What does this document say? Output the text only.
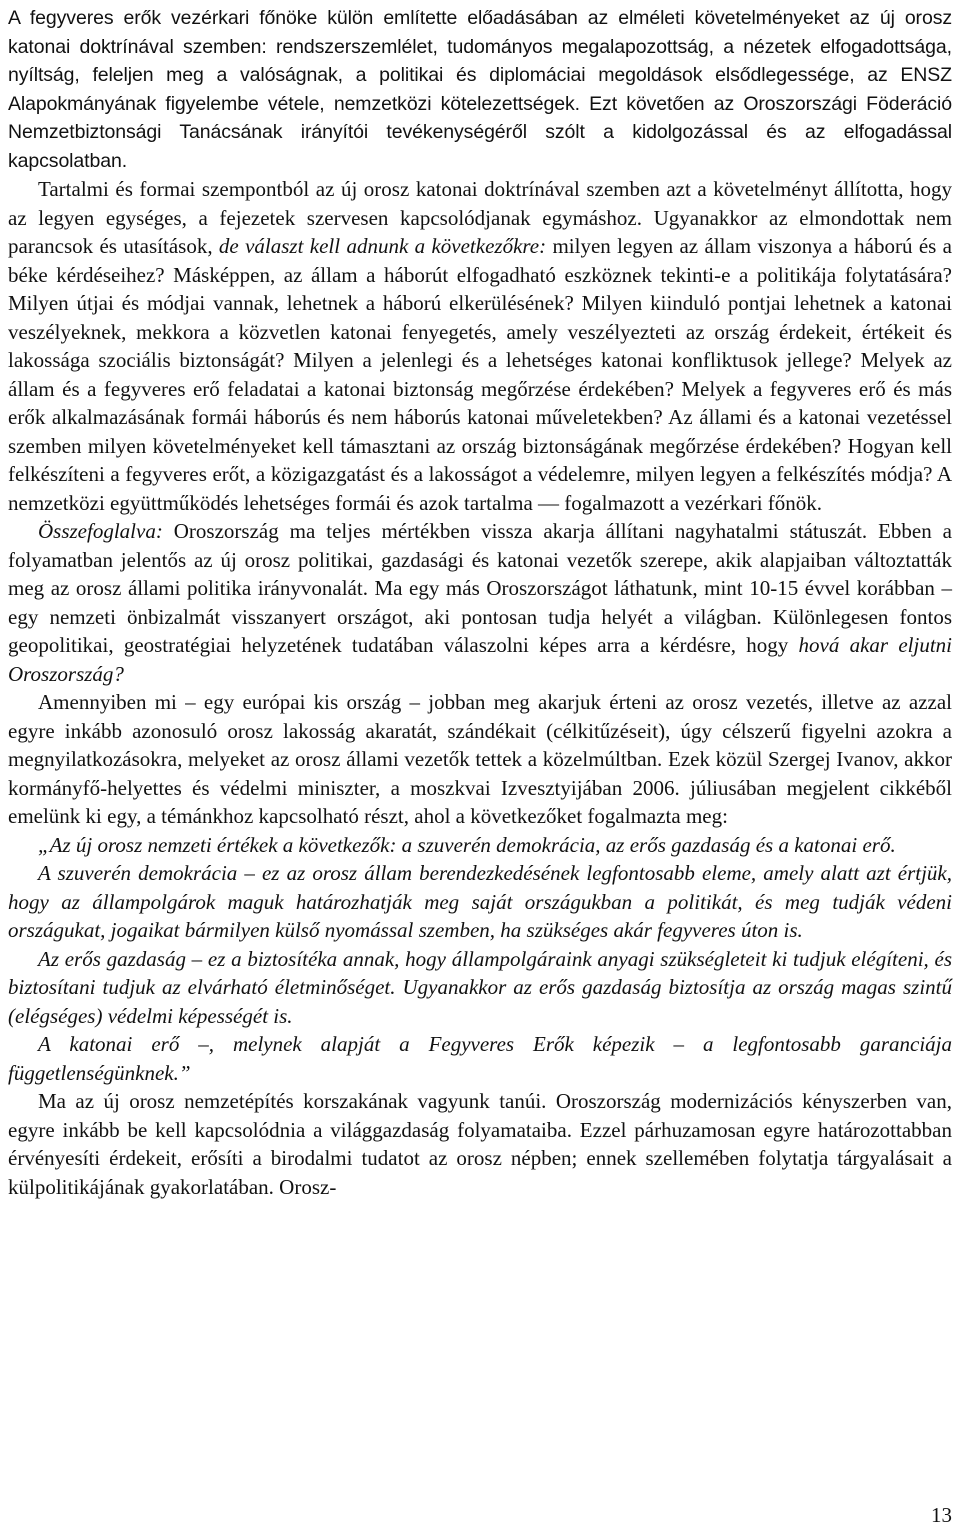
A fegyveres erők vezérkari főnöke külön említette előadásában az elméleti követelményeket az új orosz katonai doktrínával szemben: rendszerszemlélet, tudományos megalapozottság, a nézetek elfogadottsága, nyíltság, feleljen meg a valóságnak, a politikai és diplomáciai megoldások elsődlegessége, az ENSZ Alapokmányának figyelembe vétele, nemzetközi kötelezettségek. Ezt követően az Oroszországi Föderáció Nemzetbiztonsági Tanácsának irányítói tevékenységéről szólt a kidolgozással és az elfogadással kapcsolatban.

Tartalmi és formai szempontból az új orosz katonai doktrínával szemben azt a követelményt állította, hogy az legyen egységes, a fejezetek szervesen kapcsolódjanak egymáshoz. Ugyanakkor az elmondottak nem parancsok és utasítások, de választ kell adnunk a következőkre: milyen legyen az állam viszonya a háború és a béke kérdéseihez? Másképpen, az állam a háborút elfogadható eszköznek tekinti-e a politikája folytatására? Milyen útjai és módjai vannak, lehetnek a háború elkerülésének? Milyen kiinduló pontjai lehetnek a katonai veszélyeknek, mekkora a közvetlen katonai fenyegetés, amely veszélyezteti az ország érdekeit, értékeit és lakossága szociális biztonságát? Milyen a jelenlegi és a lehetséges katonai konfliktusok jellege? Melyek az állam és a fegyveres erő feladatai a katonai biztonság megőrzése érdekében? Melyek a fegyveres erő és más erők alkalmazásának formái háborús és nem háborús katonai műveletekben? Az állami és a katonai vezetéssel szemben milyen követelményeket kell támasztani az ország biztonságának megőrzése érdekében? Hogyan kell felkészíteni a fegyveres erőt, a közigazgatást és a lakosságot a védelemre, milyen legyen a felkészítés módja? A nemzetközi együttműködés lehetséges formái és azok tartalma — fogalmazott a vezérkari főnök.

Összefoglalva: Oroszország ma teljes mértékben vissza akarja állítani nagyhatalmi státuszát. Ebben a folyamatban jelentős az új orosz politikai, gazdasági és katonai vezetők szerepe, akik alapjaiban változtatták meg az orosz állami politika irányvonalát. Ma egy más Oroszországot láthatunk, mint 10-15 évvel korábban – egy nemzeti önbizalmát visszanyert országot, aki pontosan tudja helyét a világban. Különlegesen fontos geopolitikai, geostratégiai helyzetének tudatában válaszolni képes arra a kérdésre, hogy hová akar eljutni Oroszország?

Amennyiben mi – egy európai kis ország – jobban meg akarjuk érteni az orosz vezetés, illetve az azzal egyre inkább azonosuló orosz lakosság akaratát, szándékait (célkitűzéseit), úgy célszerű figyelni azokra a megnyilatkozásokra, melyeket az orosz állami vezetők tettek a közelmúltban. Ezek közül Szergej Ivanov, akkor kormányfő-helyettes és védelmi miniszter, a moszkvai Izvesztyijában 2006. júliusában megjelent cikkéből emelünk ki egy, a témánkhoz kapcsolható részt, ahol a következőket fogalmazta meg:

„Az új orosz nemzeti értékek a következők: a szuverén demokrácia, az erős gazdaság és a katonai erő.

A szuverén demokrácia – ez az orosz állam berendezkedésének legfontosabb eleme, amely alatt azt értjük, hogy az állampolgárok maguk határozhatják meg saját országukban a politikát, és meg tudják védeni országukat, jogaikat bármilyen külső nyomással szemben, ha szükséges akár fegyveres úton is.

Az erős gazdaság – ez a biztosítéka annak, hogy állampolgáraink anyagi szükségleteit ki tudjuk elégíteni, és biztosítani tudjuk az elvárható életminőséget. Ugyanakkor az erős gazdaság biztosítja az ország magas szintű (elégséges) védelmi képességét is.

A katonai erő –, melynek alapját a Fegyveres Erők képezik – a legfontosabb garanciája függetlenségünknek.”

Ma az új orosz nemzetépítés korszakának vagyunk tanúi. Oroszország modernizációs kényszerben van, egyre inkább be kell kapcsolódnia a világgazdaság folyamataiba. Ezzel párhuzamosan egyre határozottabban érvényesíti érdekeit, erősíti a birodalmi tudatot az orosz népben; ennek szellemében folytatja tárgyalásait a külpolitikájának gyakorlatában. Orosz-

13
